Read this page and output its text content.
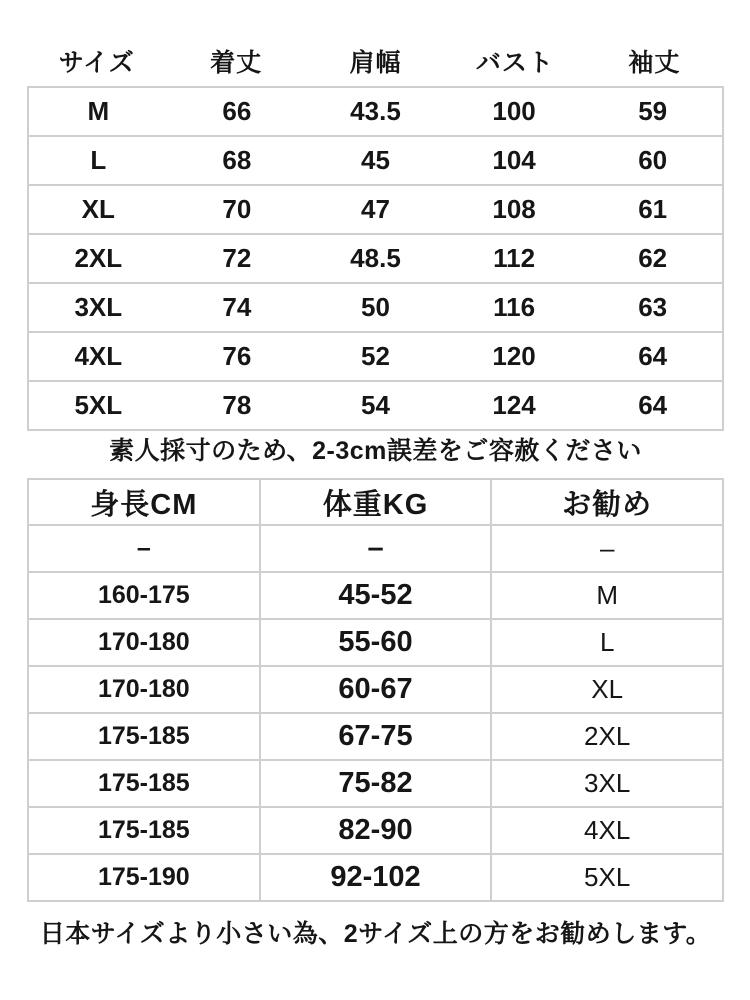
サイズ	着丈	肩幅	バスト	袖丈
M	66	43.5	100	59
L	68	45	104	60
XL	70	47	108	61
2XL	72	48.5	112	62
3XL	74	50	116	63
4XL	76	52	120	64
5XL	78	54	124	64
素人採寸のため、2-3cm誤差をご容赦ください
身長CM	体重KG	お勧め
–	–	–
160-175	45-52	M
170-180	55-60	L
170-180	60-67	XL
175-185	67-75	2XL
175-185	75-82	3XL
175-185	82-90	4XL
175-190	92-102	5XL
日本サイズより小さい為、2サイズ上の方をお勧めします。
